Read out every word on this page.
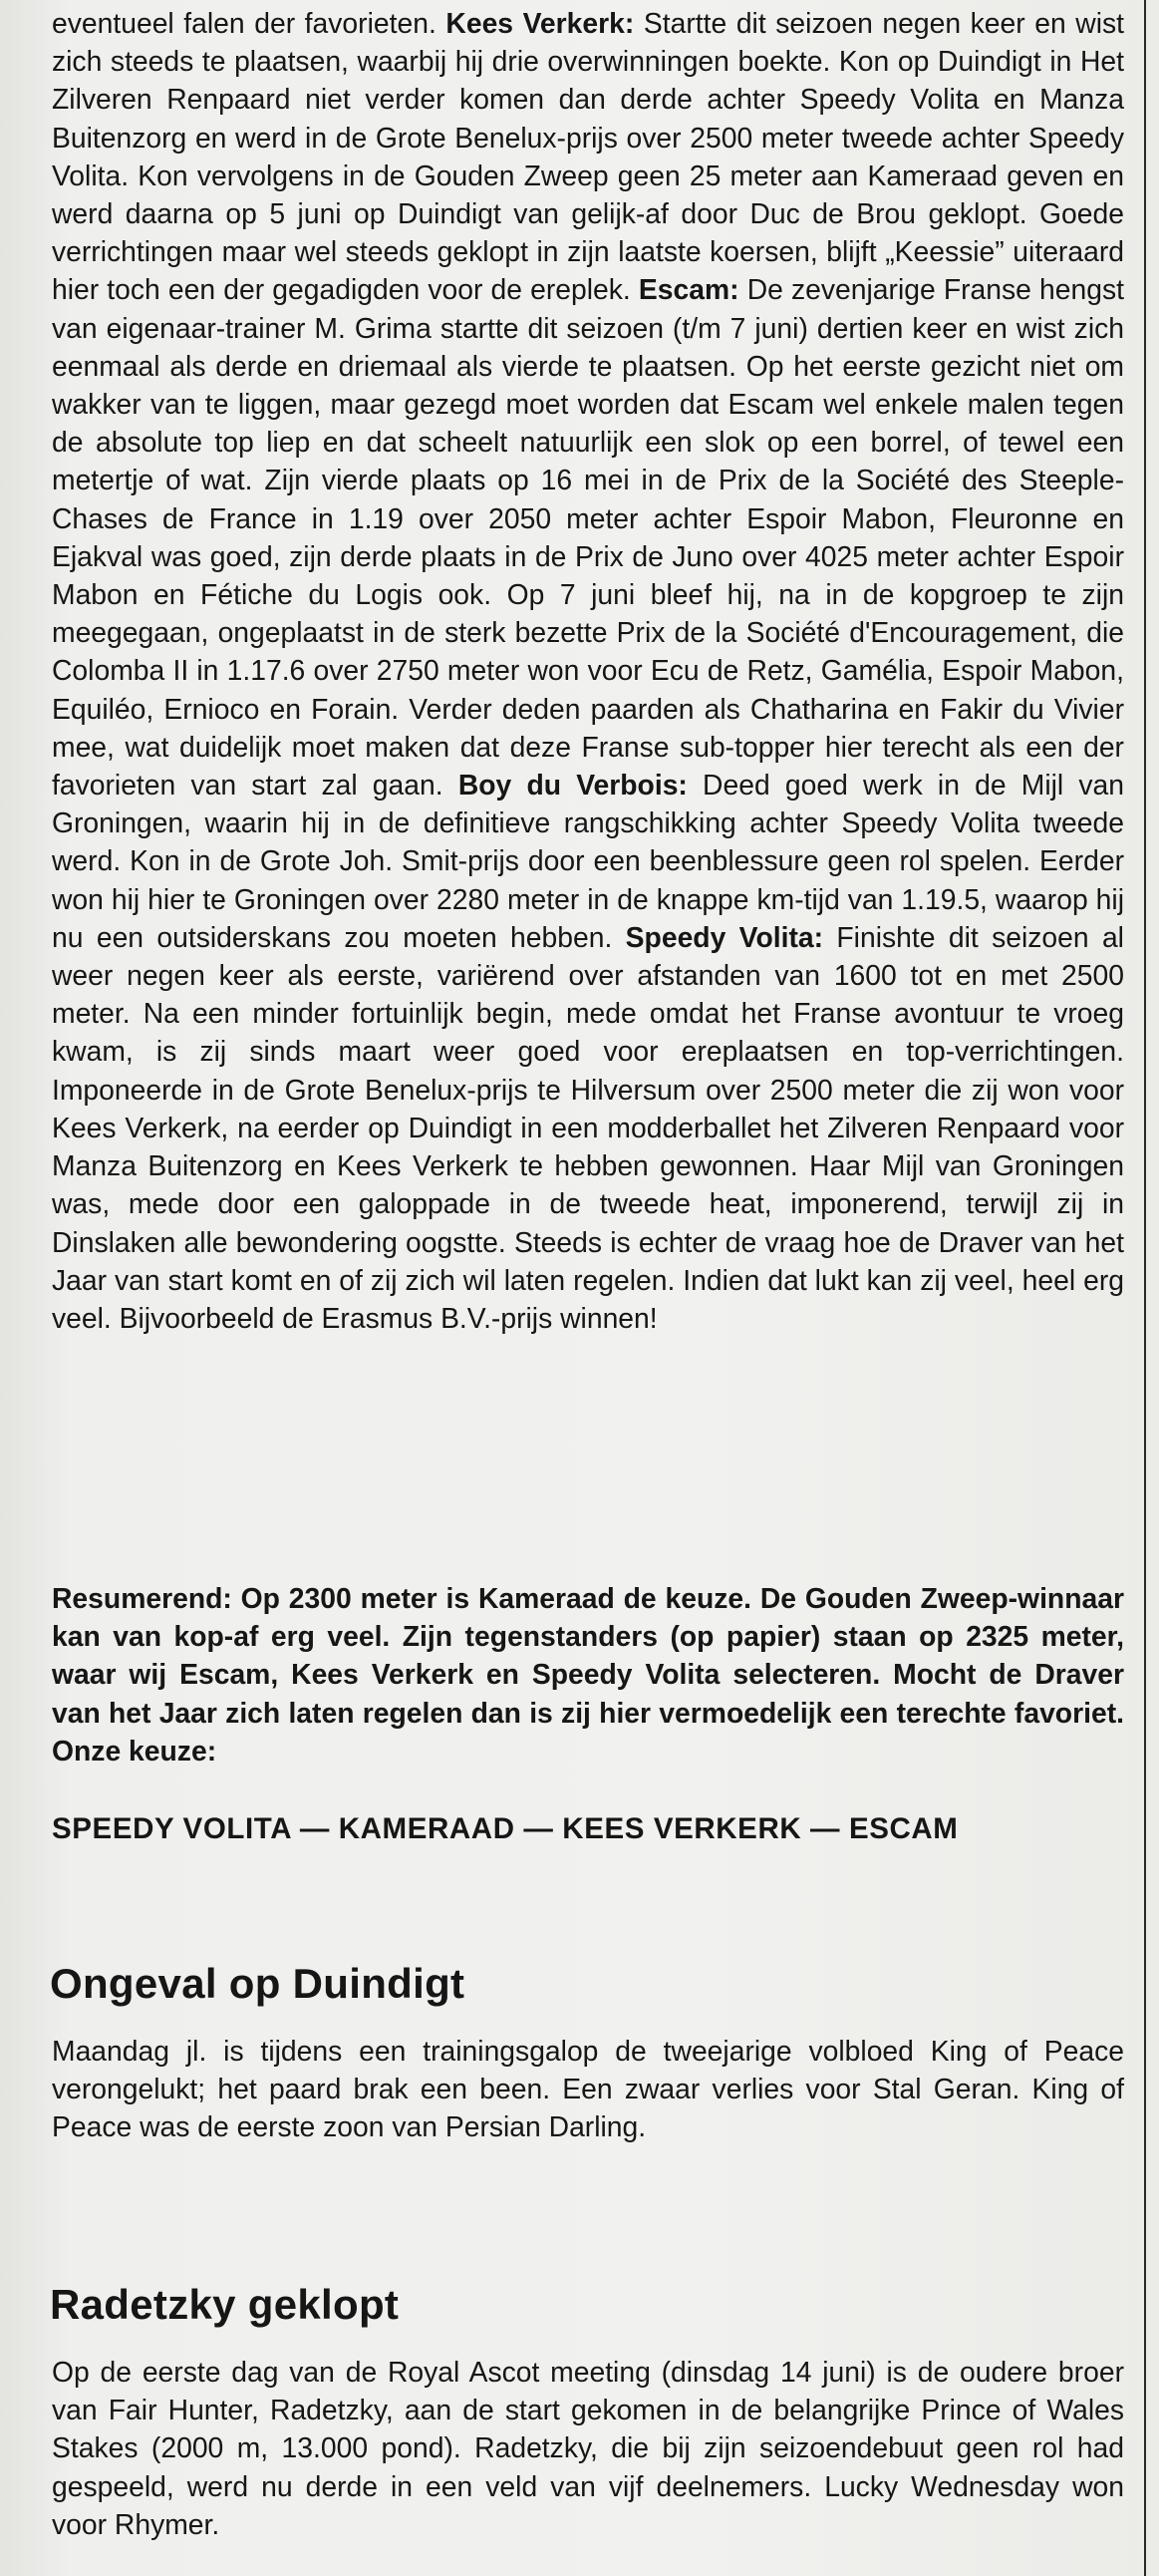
eventueel falen der favorieten. Kees Verkerk: Startte dit seizoen negen keer en wist zich steeds te plaatsen, waarbij hij drie overwinningen boekte. Kon op Duindigt in Het Zilveren Renpaard niet verder komen dan derde achter Speedy Volita en Manza Buitenzorg en werd in de Grote Benelux-prijs over 2500 meter tweede achter Speedy Volita. Kon vervolgens in de Gouden Zweep geen 25 meter aan Kameraad geven en werd daarna op 5 juni op Duindigt van gelijk-af door Duc de Brou geklopt. Goede verrichtingen maar wel steeds geklopt in zijn laatste koersen, blijft „Keessie” uiteraard hier toch een der gegadigden voor de ereplek. Escam: De zevenjarige Franse hengst van eigenaar-trainer M. Grima startte dit seizoen (t/m 7 juni) dertien keer en wist zich eenmaal als derde en driemaal als vierde te plaatsen. Op het eerste gezicht niet om wakker van te liggen, maar gezegd moet worden dat Escam wel enkele malen tegen de absolute top liep en dat scheelt natuurlijk een slok op een borrel, of tewel een metertje of wat. Zijn vierde plaats op 16 mei in de Prix de la Société des Steeple-Chases de France in 1.19 over 2050 meter achter Espoir Mabon, Fleuronne en Ejakval was goed, zijn derde plaats in de Prix de Juno over 4025 meter achter Espoir Mabon en Fétiche du Logis ook. Op 7 juni bleef hij, na in de kopgroep te zijn meegegaan, ongeplaatst in de sterk bezette Prix de la Société d'Encouragement, die Colomba II in 1.17.6 over 2750 meter won voor Ecu de Retz, Gamélia, Espoir Mabon, Equiléo, Ernioco en Forain. Verder deden paarden als Chatharina en Fakir du Vivier mee, wat duidelijk moet maken dat deze Franse sub-topper hier terecht als een der favorieten van start zal gaan. Boy du Verbois: Deed goed werk in de Mijl van Groningen, waarin hij in de definitieve rangschikking achter Speedy Volita tweede werd. Kon in de Grote Joh. Smit-prijs door een beenblessure geen rol spelen. Eerder won hij hier te Groningen over 2280 meter in de knappe km-tijd van 1.19.5, waarop hij nu een outsiderskans zou moeten hebben. Speedy Volita: Finishte dit seizoen al weer negen keer als eerste, variërend over afstanden van 1600 tot en met 2500 meter. Na een minder fortuinlijk begin, mede omdat het Franse avontuur te vroeg kwam, is zij sinds maart weer goed voor ereplaatsen en top-verrichtingen. Imponeerde in de Grote Benelux-prijs te Hilversum over 2500 meter die zij won voor Kees Verkerk, na eerder op Duindigt in een modderballet het Zilveren Renpaard voor Manza Buitenzorg en Kees Verkerk te hebben gewonnen. Haar Mijl van Groningen was, mede door een galoppade in de tweede heat, imponerend, terwijl zij in Dinslaken alle bewondering oogstte. Steeds is echter de vraag hoe de Draver van het Jaar van start komt en of zij zich wil laten regelen. Indien dat lukt kan zij veel, heel erg veel. Bijvoorbeeld de Erasmus B.V.-prijs winnen!

Resumerend: Op 2300 meter is Kameraad de keuze. De Gouden Zweep-winnaar kan van kop-af erg veel. Zijn tegenstanders (op papier) staan op 2325 meter, waar wij Escam, Kees Verkerk en Speedy Volita selecteren. Mocht de Draver van het Jaar zich laten regelen dan is zij hier vermoedelijk een terechte favoriet. Onze keuze:

SPEEDY VOLITA — KAMERAAD — KEES VERKERK — ESCAM

Ongeval op Duindigt

Maandag jl. is tijdens een trainingsgalop de tweejarige volbloed King of Peace verongelukt; het paard brak een been. Een zwaar verlies voor Stal Geran. King of Peace was de eerste zoon van Persian Darling.

Radetzky geklopt

Op de eerste dag van de Royal Ascot meeting (dinsdag 14 juni) is de oudere broer van Fair Hunter, Radetzky, aan de start gekomen in de belangrijke Prince of Wales Stakes (2000 m, 13.000 pond). Radetzky, die bij zijn seizoendebuut geen rol had gespeeld, werd nu derde in een veld van vijf deelnemers. Lucky Wednesday won voor Rhymer.
